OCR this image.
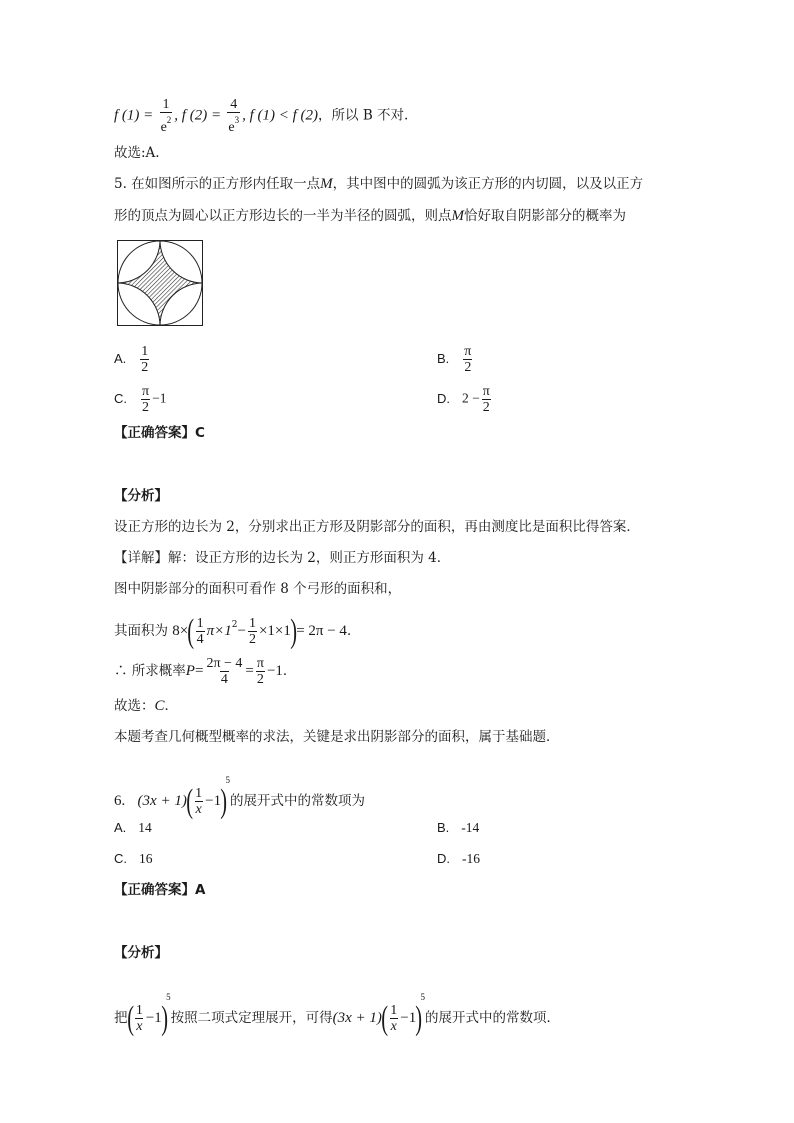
f $(1) = \frac{1}{e^2}$ , f $(2) = \frac{4}{e^3}$ , f (1) < f (2)，所以 B 不对.
故选:A.
5. 在如图所示的正方形内任取一点M，其中图中的圆弧为该正方形的内切圆，以及以正方
形的顶点为圆心以正方形边长的一半为半径的圆弧，则点M恰好取自阴影部分的概率为
A. $\frac{1}{2}$	B. $\frac{\pi}{2}$
C. $\frac{\pi}{2} -1$	D. $2 - \frac{\pi}{2}$
【正确答案】C
【分析】
设正方形的边长为 2，分别求出正方形及阴影部分的面积，再由测度比是面积比得答案．
【详解】解：设正方形的边长为 2，则正方形面积为 4．
图中阴影部分的面积可看作 8 个弓形的面积和，
其面积为 $8\times( \frac{1}{4} \pi\times 1^2- \frac{1}{2} \times 1\times 1)= 2\pi - 4$．
∴ 所求概率$P= \frac{2\pi - 4}{4} = \frac{\pi}{2} -1$．
故选：C．
本题考查几何概型概率的求法，关键是求出阴影部分的面积，属于基础题．
6. $(3x + 1)( \frac{1}{x} -1)^5$的展开式中的常数项为
A. 14	B. -14
C. 16	D. -16
【正确答案】A
【分析】
把( $\frac{1}{x} -1)^5$按照二项式定理展开，可得$(3x + 1)( \frac{1}{x} -1)^5$的展开式中的常数项．
